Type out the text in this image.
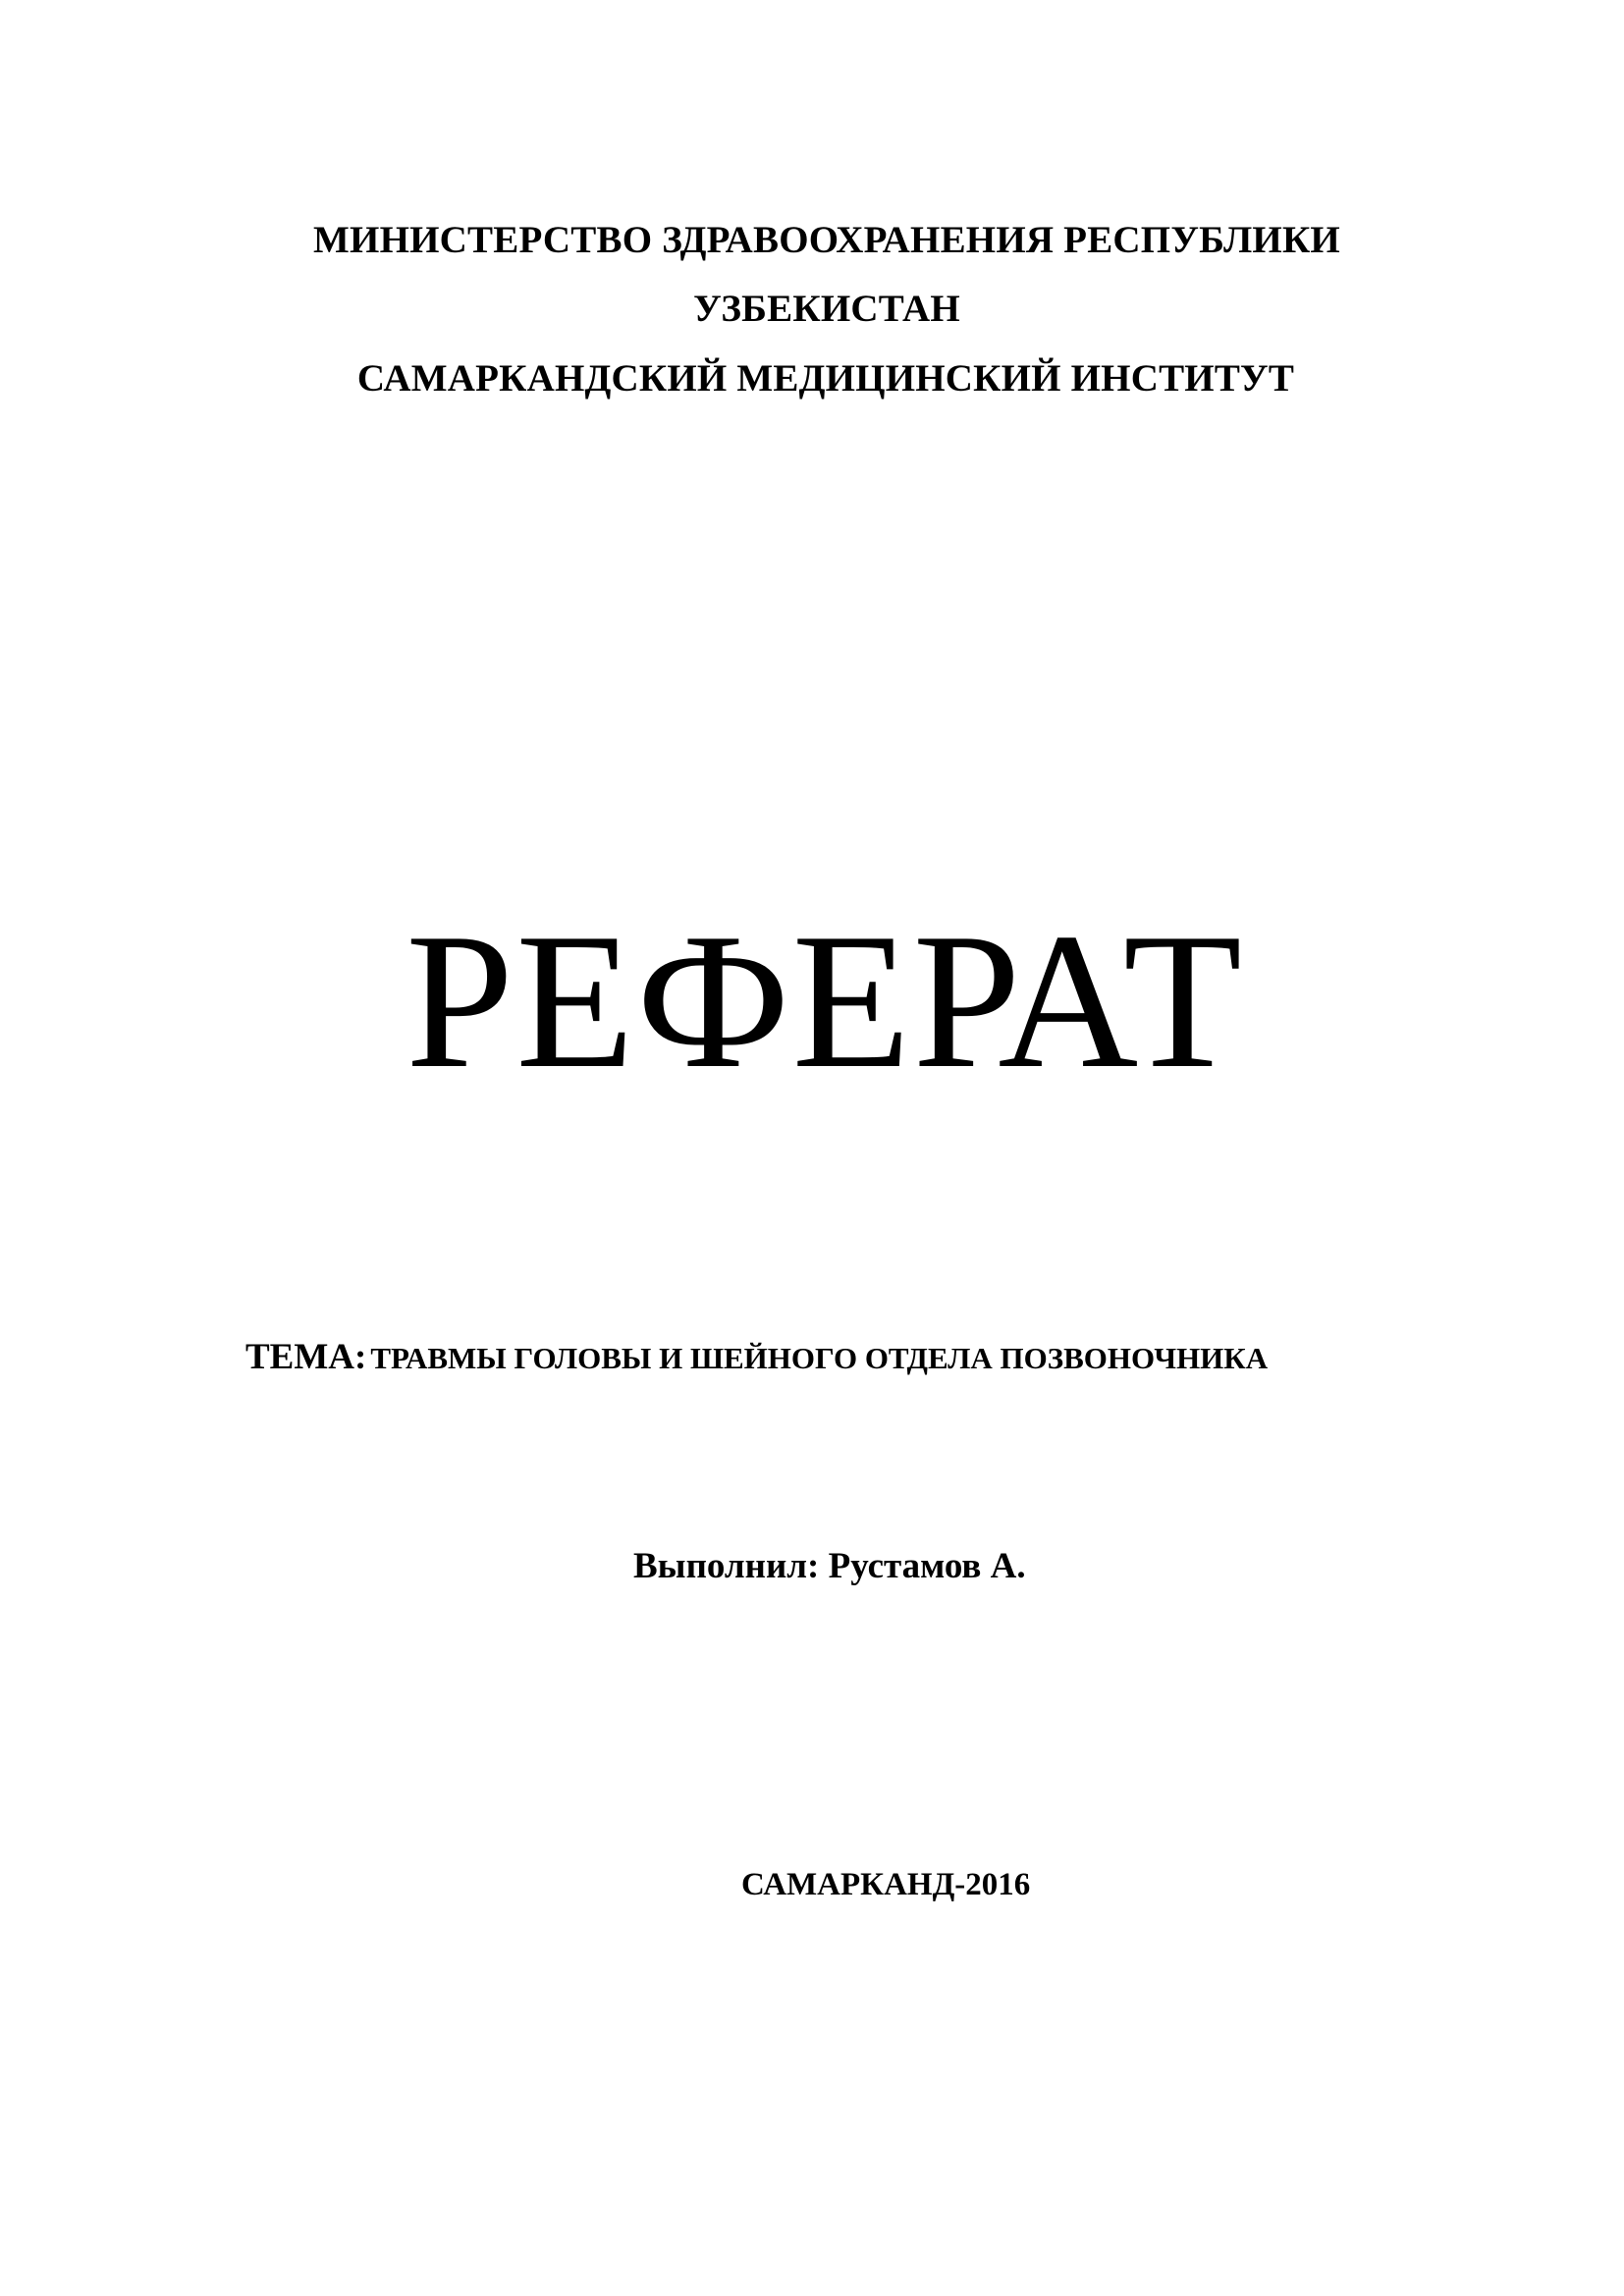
МИНИСТЕРСТВО ЗДРАВООХРАНЕНИЯ РЕСПУБЛИКИ
УЗБЕКИСТАН
САМАРКАНДСКИЙ МЕДИЦИНСКИЙ ИНСТИТУТ
РЕФЕРАТ
ТЕМА: ТРАВМЫ ГОЛОВЫ И ШЕЙНОГО ОТДЕЛА ПОЗВОНОЧНИКА
Выполнил: Рустамов А.
САМАРКАНД-2016
